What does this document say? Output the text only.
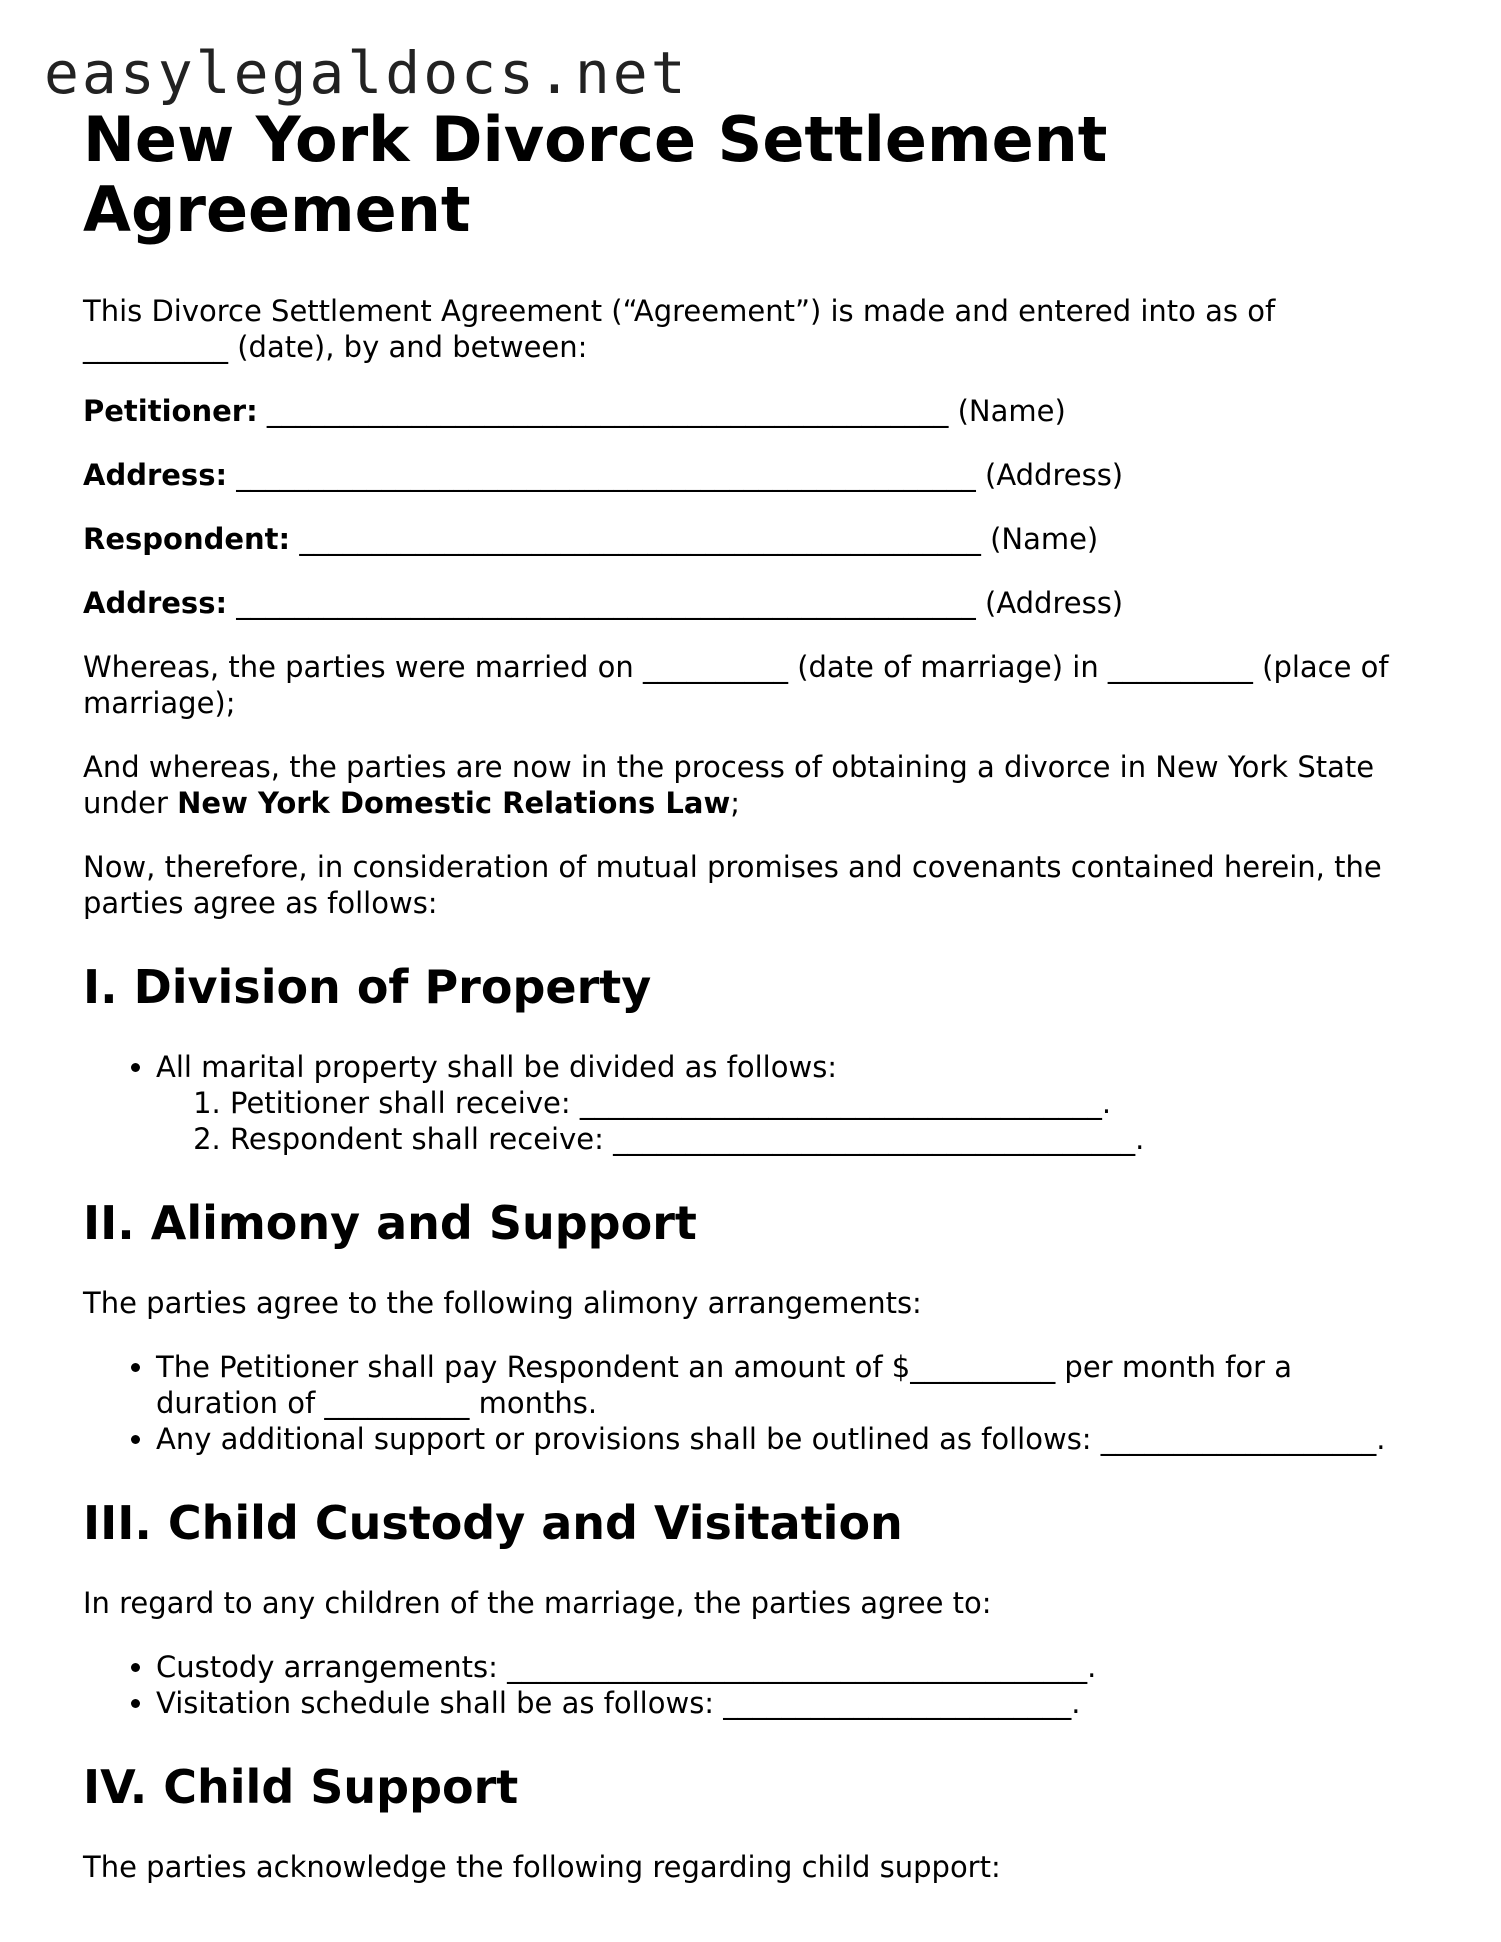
easylegaldocs.net
New York Divorce Settlement Agreement

This Divorce Settlement Agreement (“Agreement”) is made and entered into as of __________ (date), by and between:

Petitioner: _______________________________________________ (Name)
Address: ___________________________________________________ (Address)
Respondent: _______________________________________________ (Name)
Address: ___________________________________________________ (Address)

Whereas, the parties were married on __________ (date of marriage) in __________ (place of marriage);

And whereas, the parties are now in the process of obtaining a divorce in New York State under New York Domestic Relations Law;

Now, therefore, in consideration of mutual promises and covenants contained herein, the parties agree as follows:

I. Division of Property
• All marital property shall be divided as follows:
1. Petitioner shall receive: ____________________________________.
2. Respondent shall receive: ____________________________________.
II. Alimony and Support

The parties agree to the following alimony arrangements:

• The Petitioner shall pay Respondent an amount of $__________ per month for a duration of __________ months.
• Any additional support or provisions shall be outlined as follows: ___________________.
III. Child Custody and Visitation

In regard to any children of the marriage, the parties agree to:

• Custody arrangements: ________________________________________.
• Visitation schedule shall be as follows: ________________________.
IV. Child Support

The parties acknowledge the following regarding child support:
